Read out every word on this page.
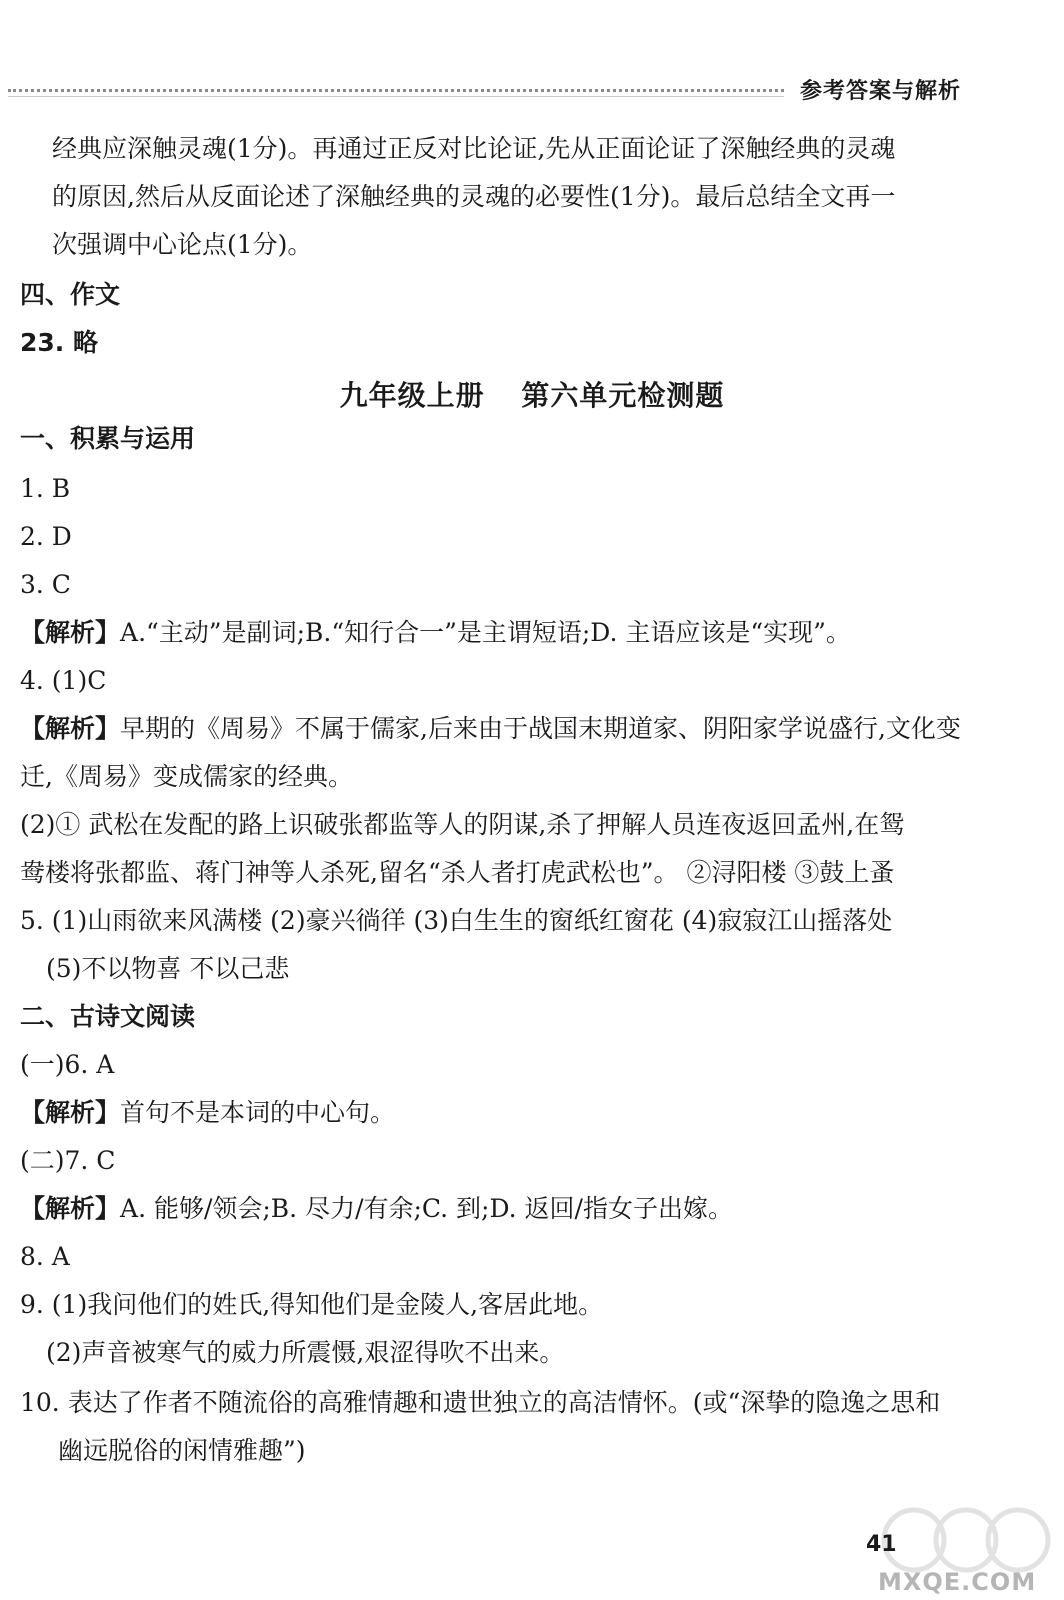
参考答案与解析
经典应深触灵魂(1分)。再通过正反对比论证,先从正面论证了深触经典的灵魂
的原因,然后从反面论述了深触经典的灵魂的必要性(1分)。最后总结全文再一
次强调中心论点(1分)。
四、作文
23. 略
九年级上册 第六单元检测题
一、积累与运用
1. B
2. D
3. C
【解析】A.“主动”是副词;B.“知行合一”是主谓短语;D. 主语应该是“实现”。
4. (1)C
【解析】早期的《周易》不属于儒家,后来由于战国末期道家、阴阳家学说盛行,文化变
迁,《周易》变成儒家的经典。
(2)① 武松在发配的路上识破张都监等人的阴谋,杀了押解人员连夜返回孟州,在鸳
鸯楼将张都监、蒋门神等人杀死,留名“杀人者打虎武松也”。 ②浔阳楼 ③鼓上蚤
5. (1)山雨欲来风满楼 (2)豪兴徜徉 (3)白生生的窗纸红窗花 (4)寂寂江山摇落处
(5)不以物喜 不以己悲
二、古诗文阅读
(一)6. A
【解析】首句不是本词的中心句。
(二)7. C
【解析】A. 能够/领会;B. 尽力/有余;C. 到;D. 返回/指女子出嫁。
8. A
9. (1)我问他们的姓氏,得知他们是金陵人,客居此地。
(2)声音被寒气的威力所震慑,艰涩得吹不出来。
10. 表达了作者不随流俗的高雅情趣和遗世独立的高洁情怀。(或“深挚的隐逸之思和
幽远脱俗的闲情雅趣”)
41
MXQE.COM
